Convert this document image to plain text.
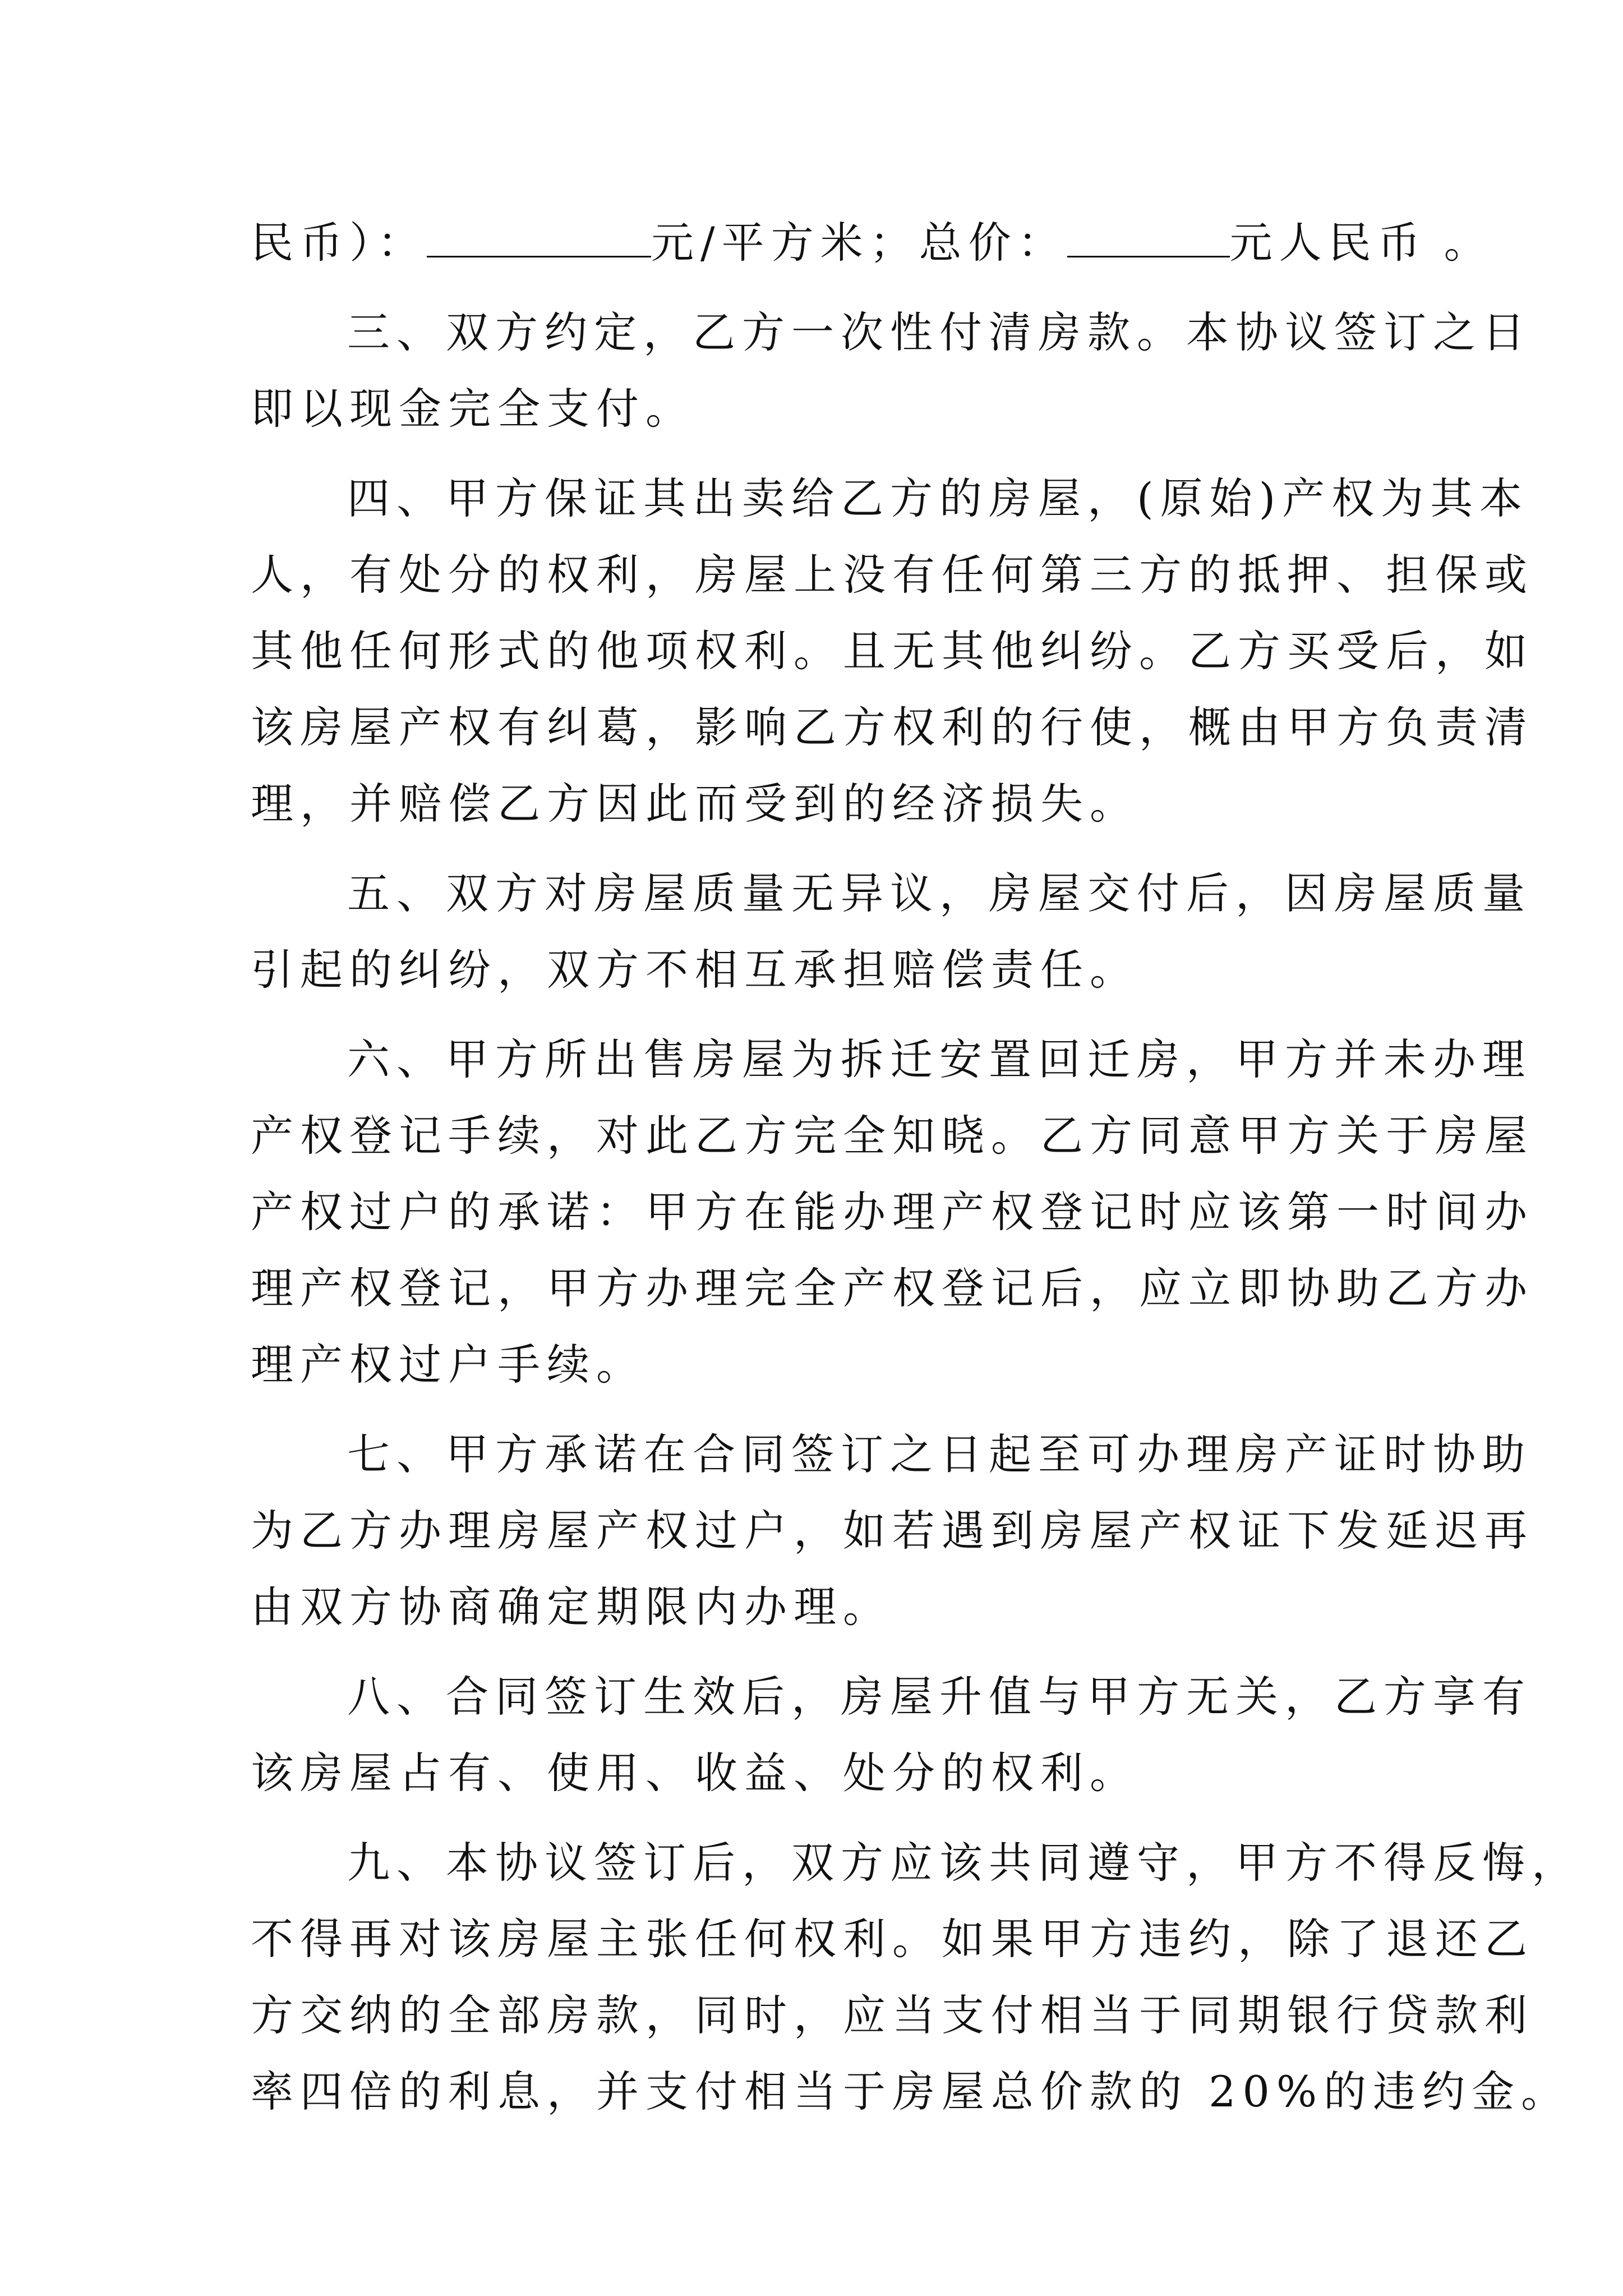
民币）：	元/平方米；总价：	元人民币 。
三、双方约定，乙方一次性付清房款。本协议签订之日
即以现金完全支付。
四、甲方保证其出卖给乙方的房屋，(原始)产权为其本
人，有处分的权利，房屋上没有任何第三方的抵押、担保或
其他任何形式的他项权利。且无其他纠纷。乙方买受后，如
该房屋产权有纠葛，影响乙方权利的行使，概由甲方负责清
理，并赔偿乙方因此而受到的经济损失。
五、双方对房屋质量无异议，房屋交付后，因房屋质量
引起的纠纷，双方不相互承担赔偿责任。
六、甲方所出售房屋为拆迁安置回迁房，甲方并未办理
产权登记手续，对此乙方完全知晓。乙方同意甲方关于房屋
产权过户的承诺：甲方在能办理产权登记时应该第一时间办
理产权登记，甲方办理完全产权登记后，应立即协助乙方办
理产权过户手续。
七、甲方承诺在合同签订之日起至可办理房产证时协助
为乙方办理房屋产权过户，如若遇到房屋产权证下发延迟再
由双方协商确定期限内办理。
八、合同签订生效后，房屋升值与甲方无关，乙方享有
该房屋占有、使用、收益、处分的权利。
九、本协议签订后，双方应该共同遵守，甲方不得反悔，
不得再对该房屋主张任何权利。如果甲方违约，除了退还乙
方交纳的全部房款，同时，应当支付相当于同期银行贷款利
率四倍的利息，并支付相当于房屋总价款的 20%的违约金。
